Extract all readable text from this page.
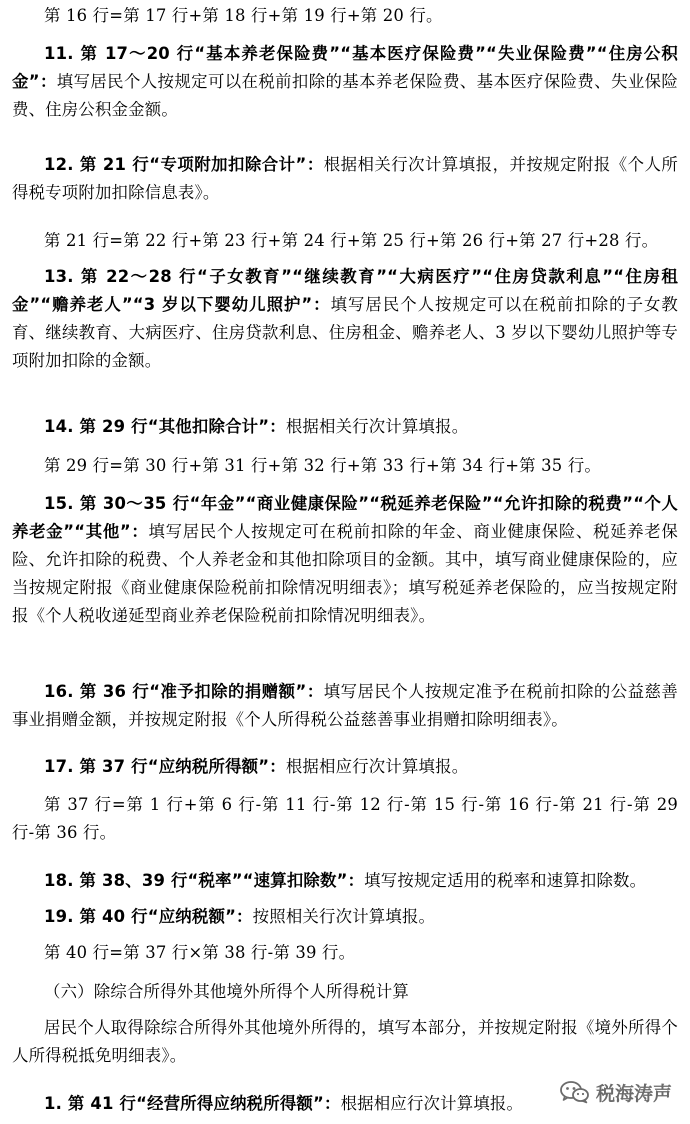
第 16 行=第 17 行+第 18 行+第 19 行+第 20 行。

11. 第 17～20 行“基本养老保险费”“基本医疗保险费”“失业保险费”“住房公积金”：填写居民个人按规定可以在税前扣除的基本养老保险费、基本医疗保险费、失业保险费、住房公积金金额。

12. 第 21 行“专项附加扣除合计”：根据相关行次计算填报，并按规定附报《个人所得税专项附加扣除信息表》。

第 21 行=第 22 行+第 23 行+第 24 行+第 25 行+第 26 行+第 27 行+28 行。

13. 第 22～28 行“子女教育”“继续教育”“大病医疗”“住房贷款利息”“住房租金”“赡养老人”“3 岁以下婴幼儿照护”：填写居民个人按规定可以在税前扣除的子女教育、继续教育、大病医疗、住房贷款利息、住房租金、赡养老人、3 岁以下婴幼儿照护等专项附加扣除的金额。

14. 第 29 行“其他扣除合计”：根据相关行次计算填报。

第 29 行=第 30 行+第 31 行+第 32 行+第 33 行+第 34 行+第 35 行。

15. 第 30～35 行“年金”“商业健康保险”“税延养老保险”“允许扣除的税费”“个人养老金”“其他”：填写居民个人按规定可在税前扣除的年金、商业健康保险、税延养老保险、允许扣除的税费、个人养老金和其他扣除项目的金额。其中，填写商业健康保险的，应当按规定附报《商业健康保险税前扣除情况明细表》；填写税延养老保险的，应当按规定附报《个人税收递延型商业养老保险税前扣除情况明细表》。

16. 第 36 行“准予扣除的捐赠额”：填写居民个人按规定准予在税前扣除的公益慈善事业捐赠金额，并按规定附报《个人所得税公益慈善事业捐赠扣除明细表》。

17. 第 37 行“应纳税所得额”：根据相应行次计算填报。

第 37 行=第 1 行+第 6 行-第 11 行-第 12 行-第 15 行-第 16 行-第 21 行-第 29 行-第 36 行。

18. 第 38、39 行“税率”“速算扣除数”：填写按规定适用的税率和速算扣除数。

19. 第 40 行“应纳税额”：按照相关行次计算填报。

第 40 行=第 37 行×第 38 行-第 39 行。

（六）除综合所得外其他境外所得个人所得税计算

居民个人取得除综合所得外其他境外所得的，填写本部分，并按规定附报《境外所得个人所得税抵免明细表》。

1. 第 41 行“经营所得应纳税所得额”：根据相应行次计算填报。	税海涛声
